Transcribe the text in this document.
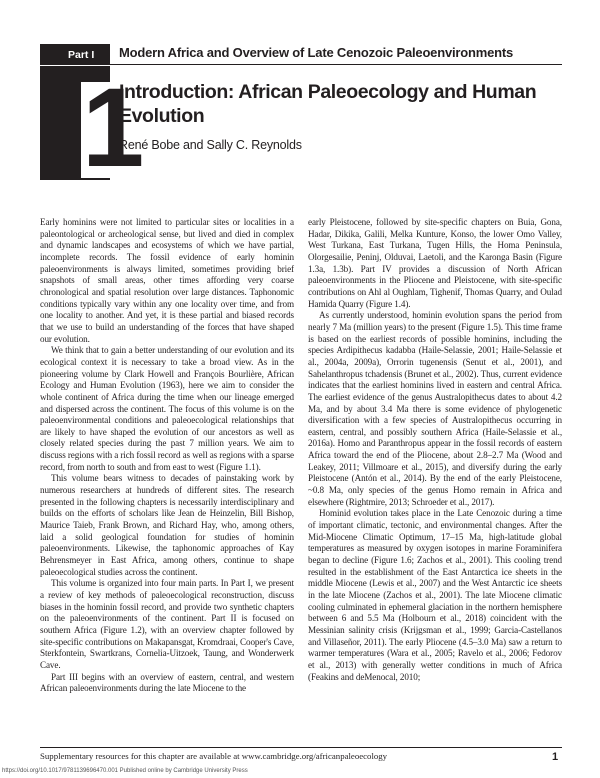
Part I Modern Africa and Overview of Late Cenozoic Paleoenvironments
1
Introduction: African Paleoecology and Human Evolution
René Bobe and Sally C. Reynolds

Early hominins were not limited to particular sites or localities in a paleontological or archeological sense, but lived and died in complex and dynamic landscapes and ecosystems of which we have partial, incomplete records. The fossil evidence of early hominin paleoenvironments is always limited, sometimes providing brief snapshots of small areas, other times affording very coarse chronological and spatial resolution over large distances. Taphonomic conditions typically vary within any one locality over time, and from one locality to another. And yet, it is these partial and biased records that we use to build an understanding of the forces that have shaped our evolution.

We think that to gain a better understanding of our evolution and its ecological context it is necessary to take a broad view. As in the pioneering volume by Clark Howell and François Bourlière, African Ecology and Human Evolution (1963), here we aim to consider the whole continent of Africa during the time when our lineage emerged and dispersed across the continent. The focus of this volume is on the paleoenvironmental conditions and paleoecological relationships that are likely to have shaped the evolution of our ancestors as well as closely related species during the past 7 million years. We aim to discuss regions with a rich fossil record as well as regions with a sparse record, from north to south and from east to west (Figure 1.1).

This volume bears witness to decades of painstaking work by numerous researchers at hundreds of different sites. The research presented in the following chapters is necessarily interdisciplinary and builds on the efforts of scholars like Jean de Heinzelin, Bill Bishop, Maurice Taieb, Frank Brown, and Richard Hay, who, among others, laid a solid geological foundation for studies of hominin paleoenvironments. Likewise, the taphonomic approaches of Kay Behrensmeyer in East Africa, among others, continue to shape paleoecological studies across the continent.

This volume is organized into four main parts. In Part I, we present a review of key methods of paleoecological reconstruction, discuss biases in the hominin fossil record, and provide two synthetic chapters on the paleoenvironments of the continent. Part II is focused on southern Africa (Figure 1.2), with an overview chapter followed by site-specific contributions on Makapansgat, Kromdraai, Cooper's Cave, Sterkfontein, Swartkrans, Cornelia-Uitzoek, Taung, and Wonderwerk Cave.

Part III begins with an overview of eastern, central, and western African paleoenvironments during the late Miocene to the

early Pleistocene, followed by site-specific chapters on Buia, Gona, Hadar, Dikika, Galili, Melka Kunture, Konso, the lower Omo Valley, West Turkana, East Turkana, Tugen Hills, the Homa Peninsula, Olorgesailie, Peninj, Olduvai, Laetoli, and the Karonga Basin (Figure 1.3a, 1.3b). Part IV provides a discussion of North African paleoenvironments in the Pliocene and Pleistocene, with site-specific contributions on Ahl al Oughlam, Tighenif, Thomas Quarry, and Oulad Hamida Quarry (Figure 1.4).

As currently understood, hominin evolution spans the period from nearly 7 Ma (million years) to the present (Figure 1.5). This time frame is based on the earliest records of possible hominins, including the species Ardipithecus kadabba (Haile-Selassie, 2001; Haile-Selassie et al., 2004a, 2009a), Orrorin tugenensis (Senut et al., 2001), and Sahelanthropus tchadensis (Brunet et al., 2002). Thus, current evidence indicates that the earliest hominins lived in eastern and central Africa. The earliest evidence of the genus Australopithecus dates to about 4.2 Ma, and by about 3.4 Ma there is some evidence of phylogenetic diversification with a few species of Australopithecus occurring in eastern, central, and possibly southern Africa (Haile-Selassie et al., 2016a). Homo and Paranthropus appear in the fossil records of eastern Africa toward the end of the Pliocene, about 2.8–2.7 Ma (Wood and Leakey, 2011; Villmoare et al., 2015), and diversify during the early Pleistocene (Antón et al., 2014). By the end of the early Pleistocene, ~0.8 Ma, only species of the genus Homo remain in Africa and elsewhere (Rightmire, 2013; Schroeder et al., 2017).

Hominid evolution takes place in the Late Cenozoic during a time of important climatic, tectonic, and environmental changes. After the Mid-Miocene Climatic Optimum, 17–15 Ma, high-latitude global temperatures as measured by oxygen isotopes in marine Foraminifera began to decline (Figure 1.6; Zachos et al., 2001). This cooling trend resulted in the establishment of the East Antarctica ice sheets in the middle Miocene (Lewis et al., 2007) and the West Antarctic ice sheets in the late Miocene (Zachos et al., 2001). The late Miocene climatic cooling culminated in ephemeral glaciation in the northern hemisphere between 6 and 5.5 Ma (Holbourn et al., 2018) coincident with the Messinian salinity crisis (Krijgsman et al., 1999; Garcia-Castellanos and Villaseñor, 2011). The early Pliocene (4.5–3.0 Ma) saw a return to warmer temperatures (Wara et al., 2005; Ravelo et al., 2006; Fedorov et al., 2013) with generally wetter conditions in much of Africa (Feakins and deMenocal, 2010;

Supplementary resources for this chapter are available at www.cambridge.org/africanpaleoecology	1
https://doi.org/10.1017/9781139696470.001 Published online by Cambridge University Press
